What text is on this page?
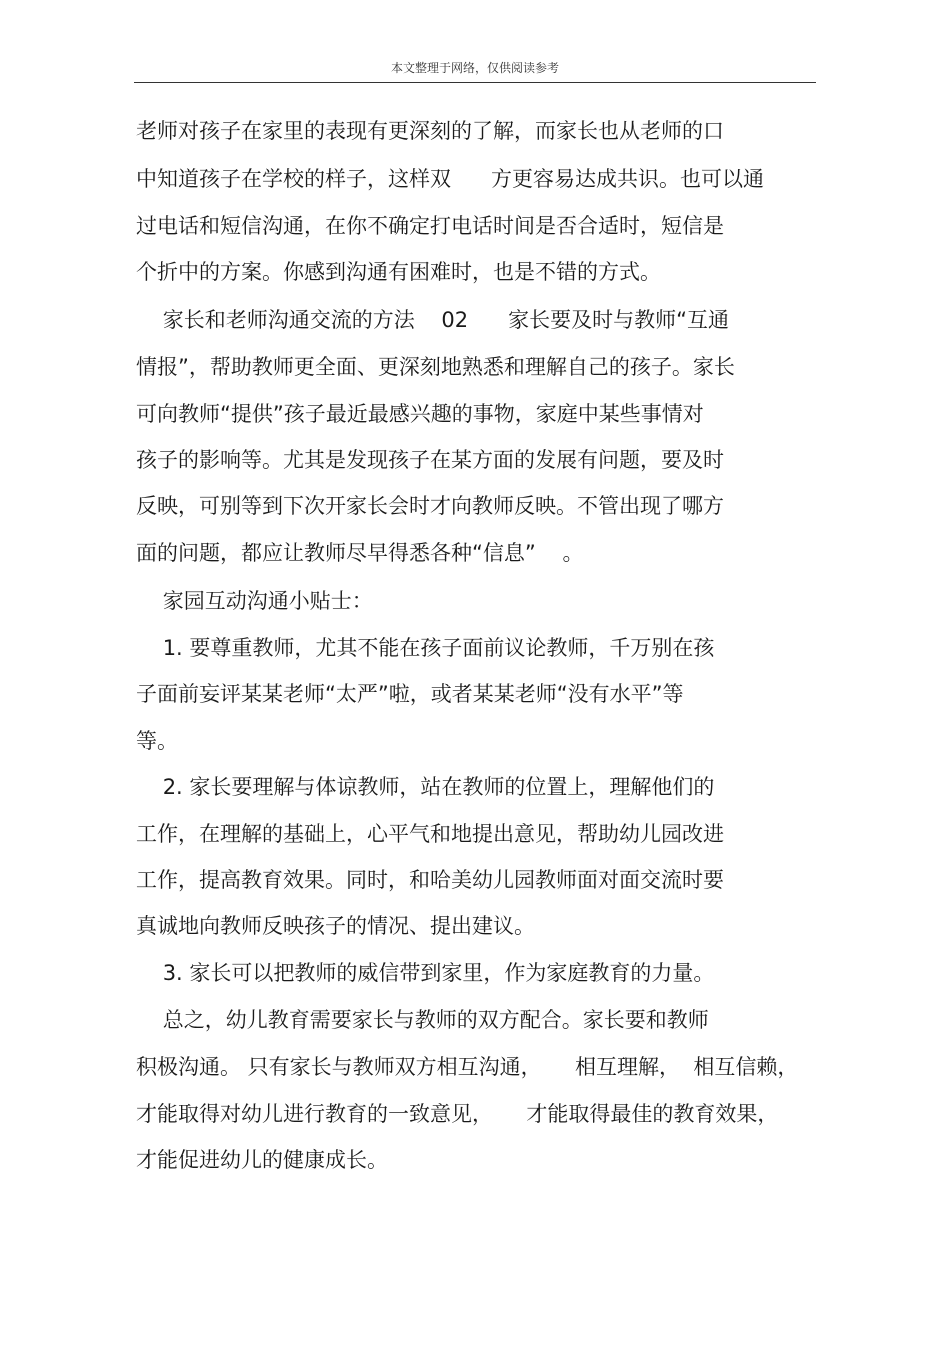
本文整理于网络，仅供阅读参考
老师对孩子在家里的表现有更深刻的了解，而家长也从老师的口
中知道孩子在学校的样子，这样双      方更容易达成共识。也可以通
过电话和短信沟通，在你不确定打电话时间是否合适时，短信是
个折中的方案。你感到沟通有困难时，也是不错的方式。
家长和老师沟通交流的方法    02      家长要及时与教师“互通
情报”，帮助教师更全面、更深刻地熟悉和理解自己的孩子。家长
可向教师“提供”孩子最近最感兴趣的事物，家庭中某些事情对
孩子的影响等。尤其是发现孩子在某方面的发展有问题，要及时
反映，可别等到下次开家长会时才向教师反映。不管出现了哪方
面的问题，都应让教师尽早得悉各种“信息”    。
家园互动沟通小贴士：
1. 要尊重教师，尤其不能在孩子面前议论教师，千万别在孩
子面前妄评某某老师“太严”啦，或者某某老师“没有水平”等
等。
2. 家长要理解与体谅教师，站在教师的位置上，理解他们的
工作，在理解的基础上，心平气和地提出意见，帮助幼儿园改进
工作，提高教育效果。同时，和哈美幼儿园教师面对面交流时要
真诚地向教师反映孩子的情况、提出建议。
3. 家长可以把教师的威信带到家里，作为家庭教育的力量。
总之，幼儿教育需要家长与教师的双方配合。家长要和教师
积极沟通。 只有家长与教师双方相互沟通，     相互理解，  相互信赖，
才能取得对幼儿进行教育的一致意见，     才能取得最佳的教育效果，
才能促进幼儿的健康成长。
